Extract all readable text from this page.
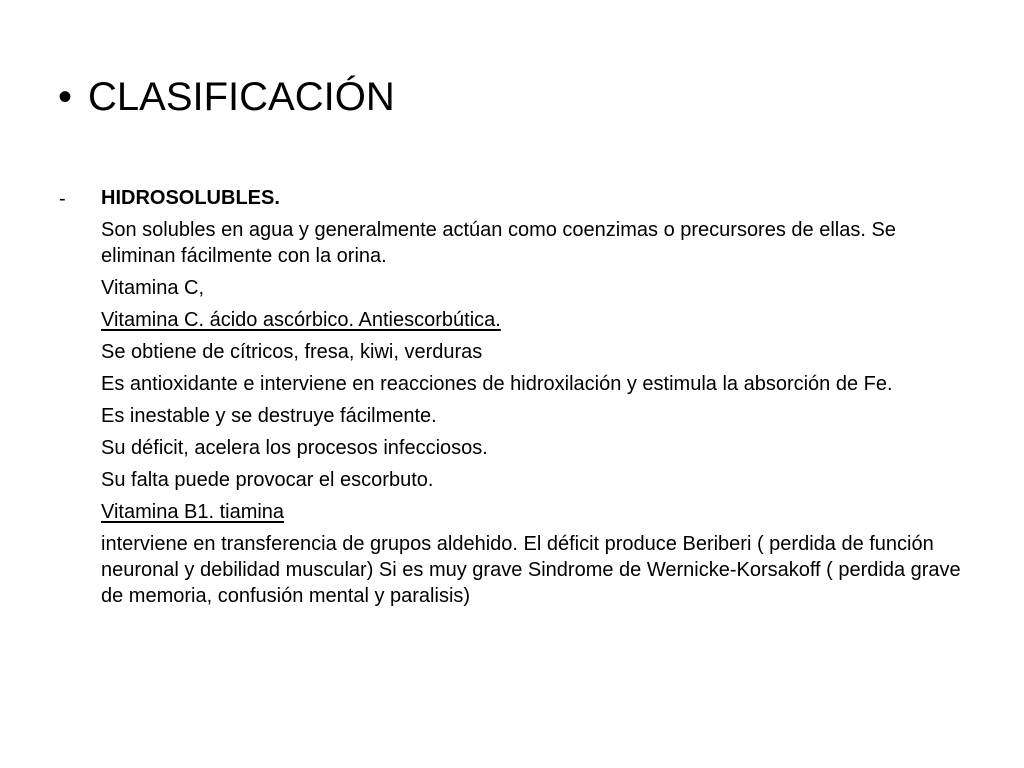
• CLASIFICACIÓN
- HIDROSOLUBLES.
Son solubles en agua y generalmente actúan como coenzimas o precursores de ellas. Se eliminan fácilmente con la orina.
Vitamina C,
Vitamina C. ácido ascórbico. Antiescorbútica.
Se obtiene de cítricos, fresa, kiwi, verduras
Es antioxidante e interviene en reacciones de hidroxilación y estimula la absorción de Fe.
Es inestable y se destruye fácilmente.
Su déficit, acelera los procesos infecciosos.
Su falta puede provocar el escorbuto.
Vitamina B1. tiamina
interviene en transferencia de grupos aldehido. El déficit produce Beriberi ( perdida de función neuronal y debilidad muscular) Si es muy grave Sindrome de Wernicke-Korsakoff ( perdida grave de memoria, confusión mental y paralisis)
